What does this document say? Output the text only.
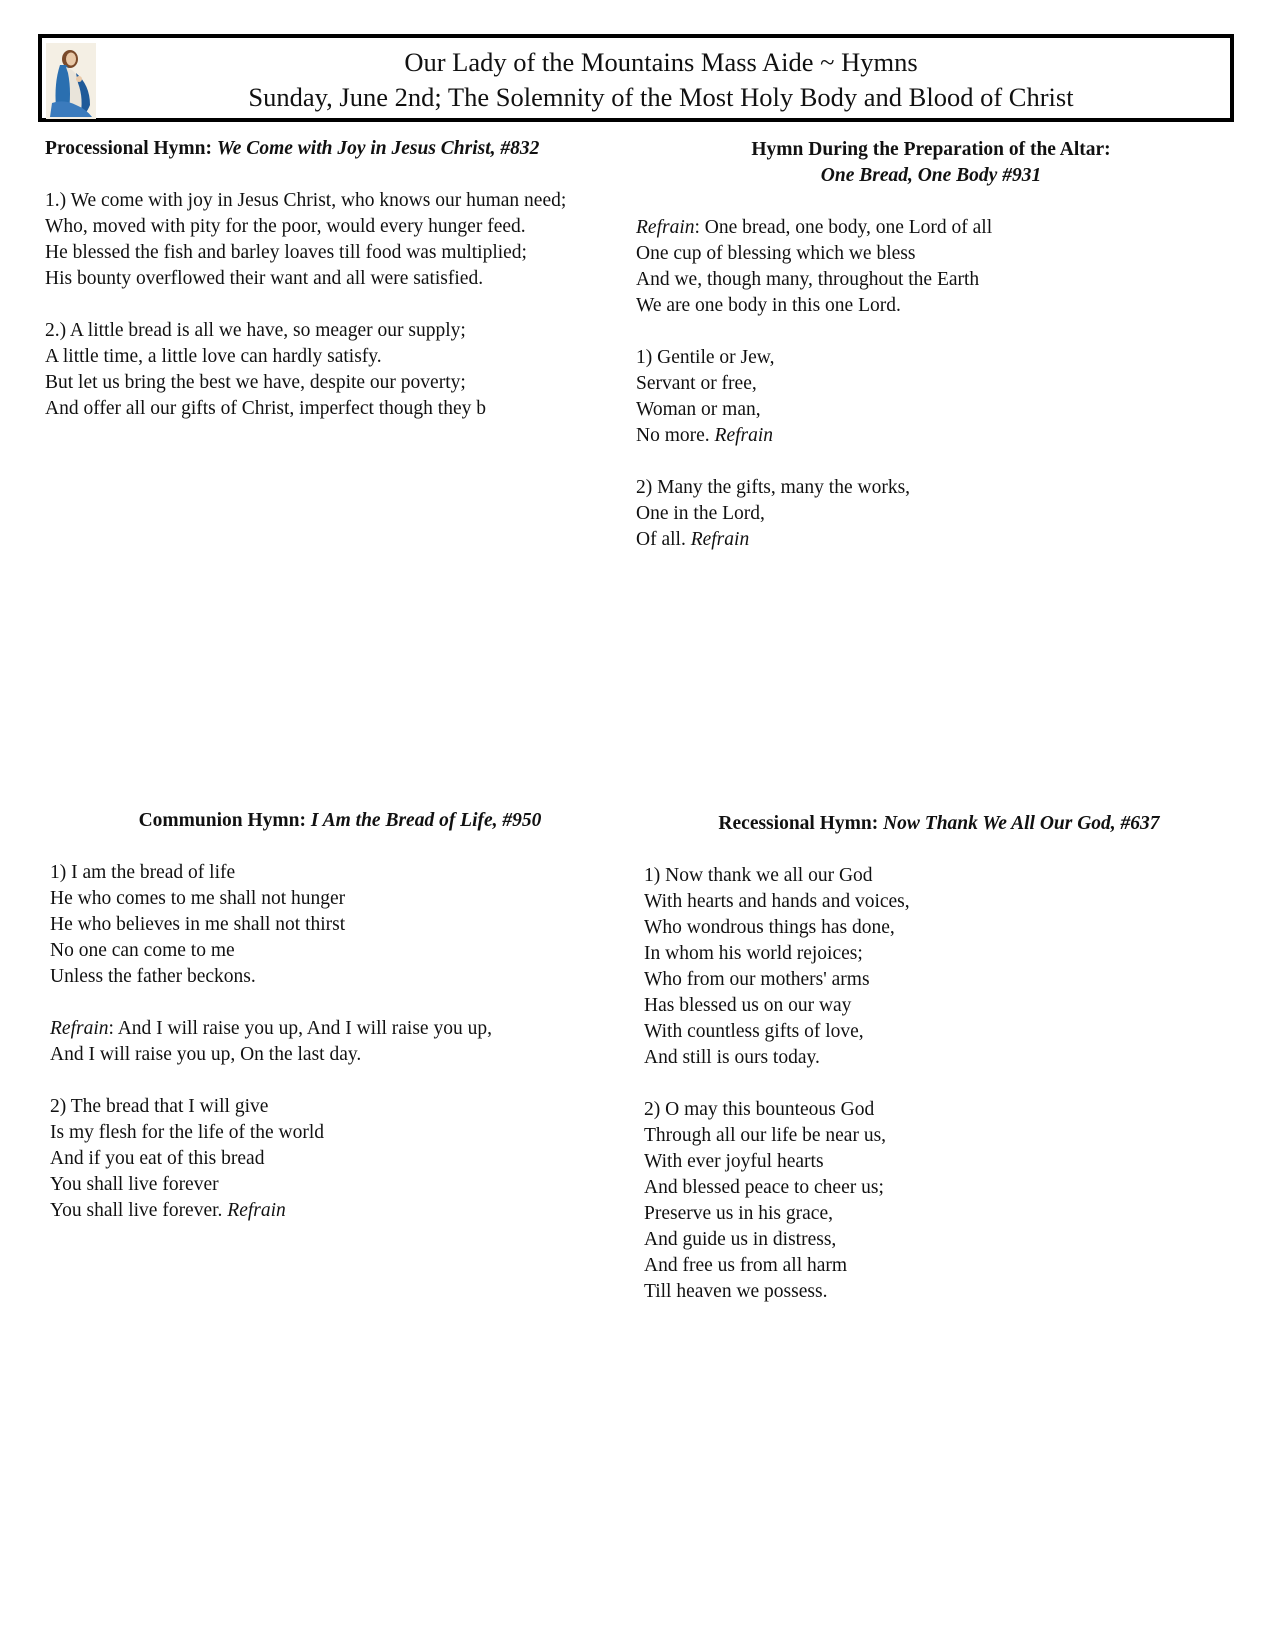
Our Lady of the Mountains Mass Aide ~ Hymns
Sunday, June 2nd; The Solemnity of the Most Holy Body and Blood of Christ
Processional Hymn: We Come with Joy in Jesus Christ, #832
1.) We come with joy in Jesus Christ, who knows our human need;
Who, moved with pity for the poor, would every hunger feed.
He blessed the fish and barley loaves till food was multiplied;
His bounty overflowed their want and all were satisfied.
2.) A little bread is all we have, so meager our supply;
A little time, a little love can hardly satisfy.
But let us bring the best we have, despite our poverty;
And offer all our gifts of Christ, imperfect though they b
Hymn During the Preparation of the Altar:
One Bread, One Body #931
Refrain: One bread, one body, one Lord of all
One cup of blessing which we bless
And we, though many, throughout the Earth
We are one body in this one Lord.
1) Gentile or Jew,
Servant or free,
Woman or man,
No more. Refrain
2) Many the gifts, many the works,
One in the Lord,
Of all. Refrain
Communion Hymn: I Am the Bread of Life, #950
1) I am the bread of life
He who comes to me shall not hunger
He who believes in me shall not thirst
No one can come to me
Unless the father beckons.
Refrain: And I will raise you up, And I will raise you up,
And I will raise you up, On the last day.
2) The bread that I will give
Is my flesh for the life of the world
And if you eat of this bread
You shall live forever
You shall live forever. Refrain
Recessional Hymn: Now Thank We All Our God, #637
1) Now thank we all our God
With hearts and hands and voices,
Who wondrous things has done,
In whom his world rejoices;
Who from our mothers' arms
Has blessed us on our way
With countless gifts of love,
And still is ours today.
2) O may this bounteous God
Through all our life be near us,
With ever joyful hearts
And blessed peace to cheer us;
Preserve us in his grace,
And guide us in distress,
And free us from all harm
Till heaven we possess.
